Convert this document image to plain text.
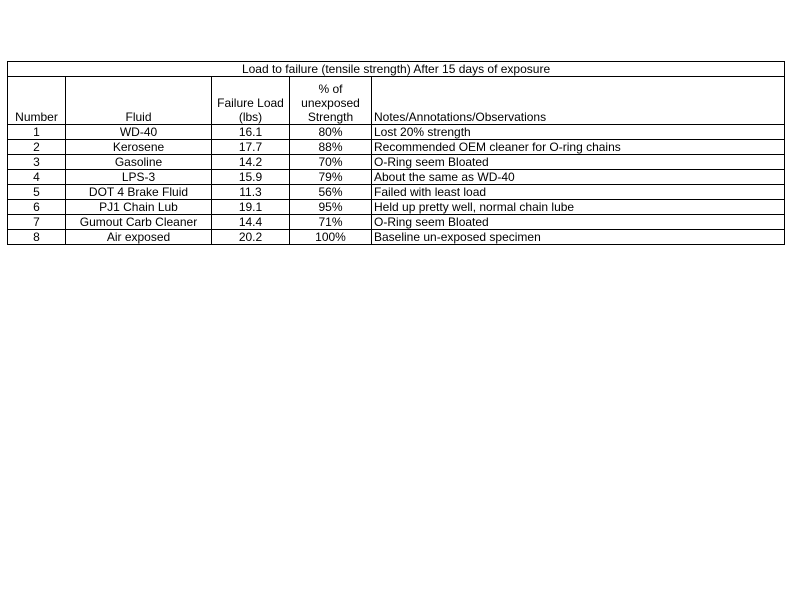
Load to failure (tensile strength) After 15 days of exposure				
Number	Fluid	Failure Load (lbs)	% of unexposed Strength	Notes/Annotations/Observations
1	WD-40	16.1	80%	Lost 20% strength
2	Kerosene	17.7	88%	Recommended OEM cleaner for O-ring chains
3	Gasoline	14.2	70%	O-Ring seem Bloated
4	LPS-3	15.9	79%	About the same as WD-40
5	DOT 4 Brake Fluid	11.3	56%	Failed with least load
6	PJ1 Chain Lub	19.1	95%	Held up pretty well, normal chain lube
7	Gumout Carb Cleaner	14.4	71%	O-Ring seem Bloated
8	Air exposed	20.2	100%	Baseline un-exposed specimen
